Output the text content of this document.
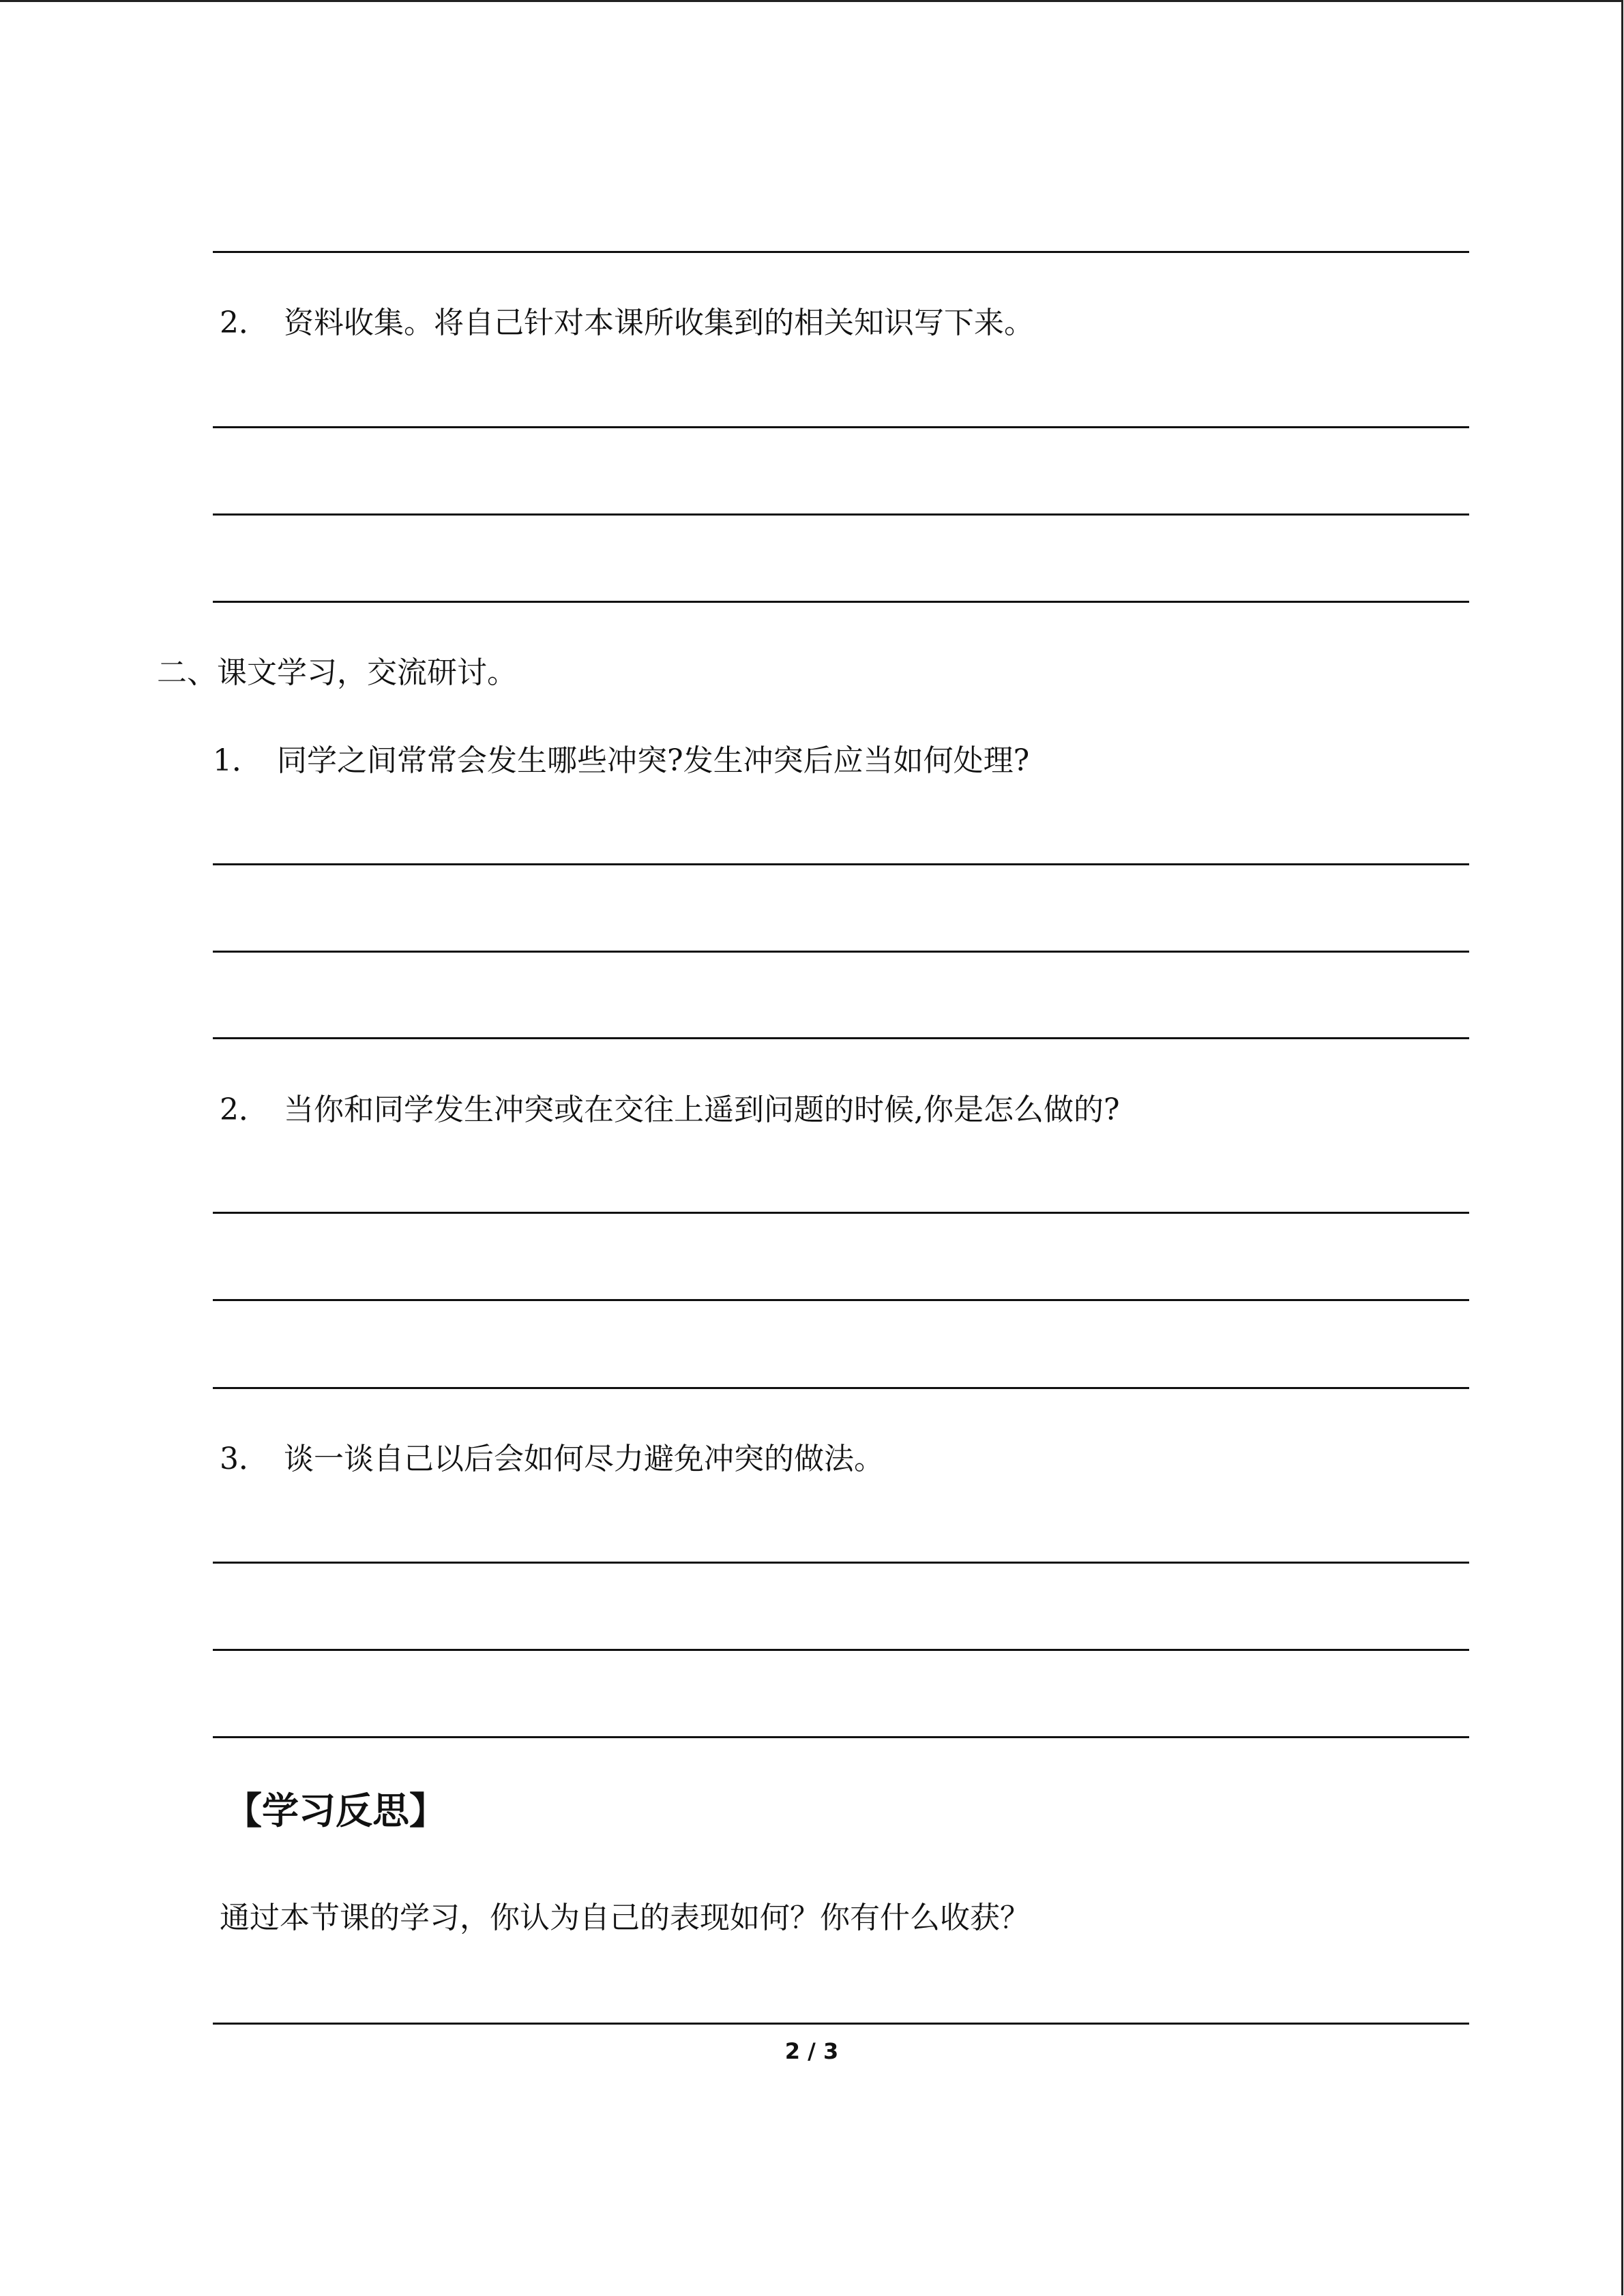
2． 资料收集。将自己针对本课所收集到的相关知识写下来。
二、课文学习，交流研讨。
1． 同学之间常常会发生哪些冲突?发生冲突后应当如何处理?
2． 当你和同学发生冲突或在交往上遥到问题的时候,你是怎么做的?
3． 谈一谈自己以后会如何尽力避免冲突的做法。
【学习反思】
通过本节课的学习，你认为自己的表现如何？你有什么收获？
2 / 3
